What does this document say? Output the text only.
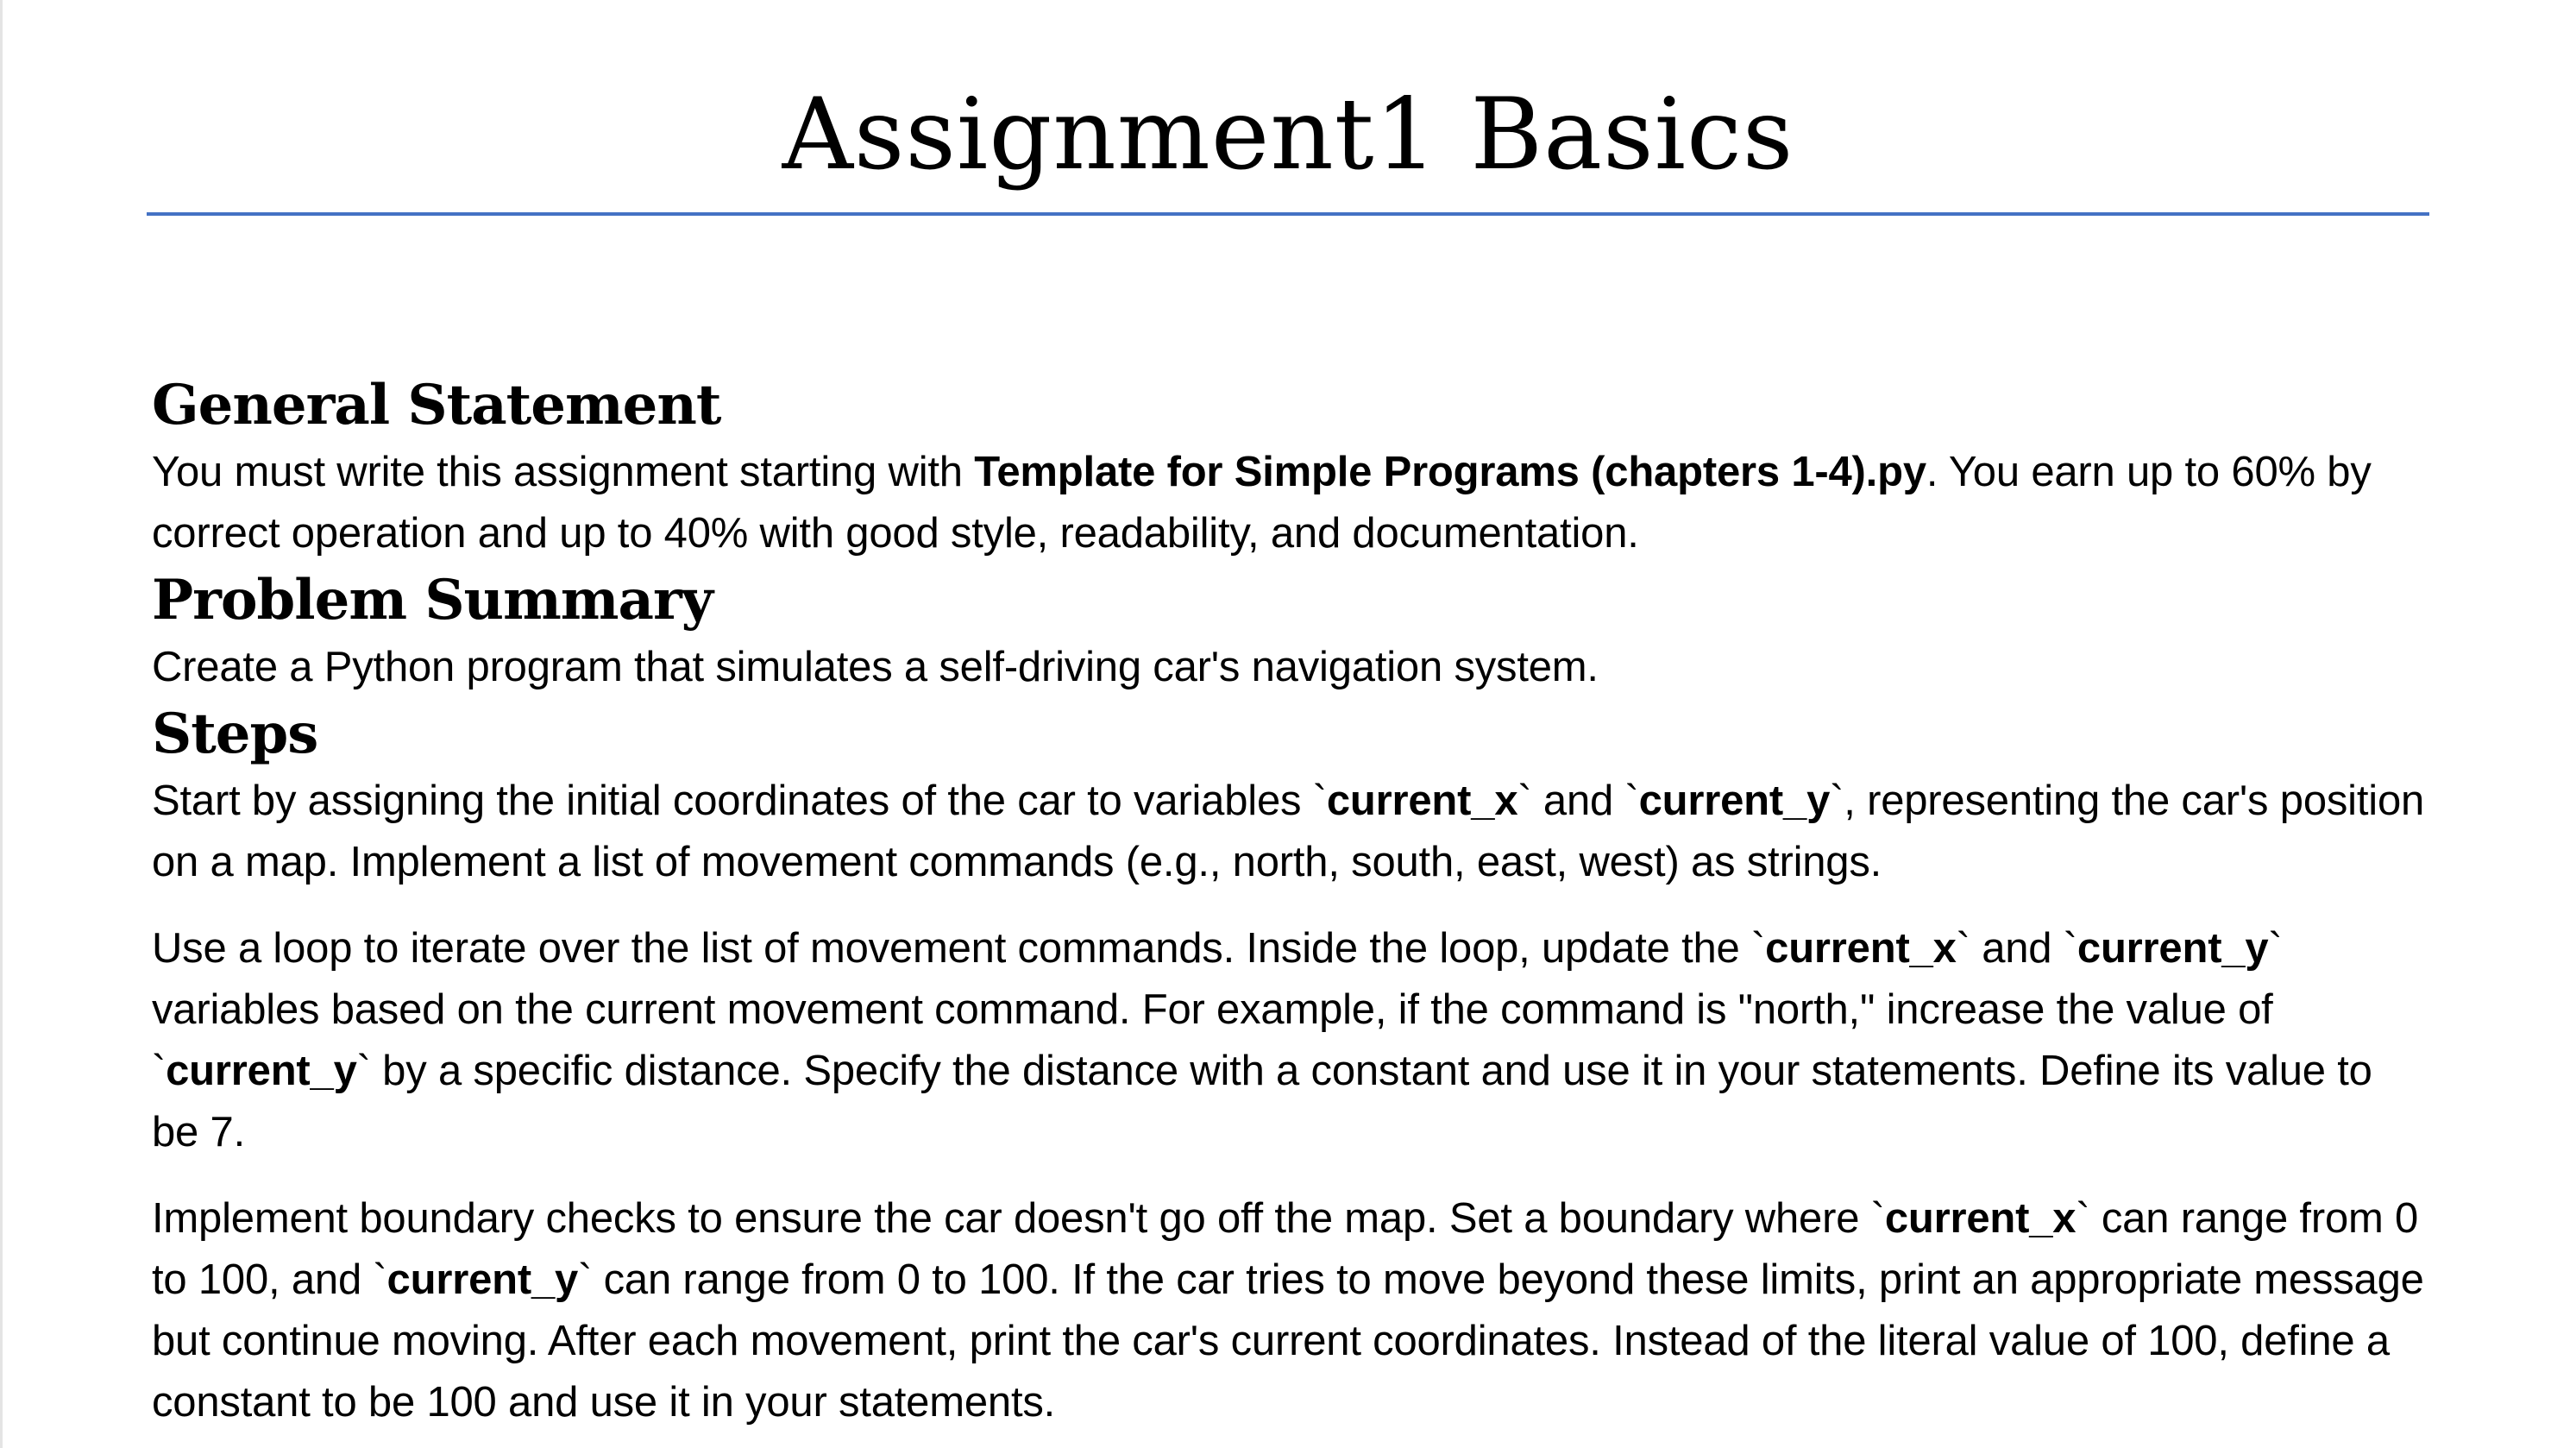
Assignment1 Basics
General Statement

You must write this assignment starting with Template for Simple Programs (chapters 1-4).py. You earn up to 60% by correct operation and up to 40% with good style, readability, and documentation.

Problem Summary

Create a Python program that simulates a self-driving car's navigation system.

Steps

Start by assigning the initial coordinates of the car to variables `current_x` and `current_y`, representing the car's position on a map. Implement a list of movement commands (e.g., north, south, east, west) as strings.

Use a loop to iterate over the list of movement commands. Inside the loop, update the `current_x` and `current_y` variables based on the current movement command. For example, if the command is "north," increase the value of `current_y` by a specific distance. Specify the distance with a constant and use it in your statements. Define its value to be 7.

Implement boundary checks to ensure the car doesn't go off the map. Set a boundary where `current_x` can range from 0 to 100, and `current_y` can range from 0 to 100. If the car tries to move beyond these limits, print an appropriate message but continue moving. After each movement, print the car's current coordinates. Instead of the literal value of 100, define a constant to be 100 and use it in your statements.
